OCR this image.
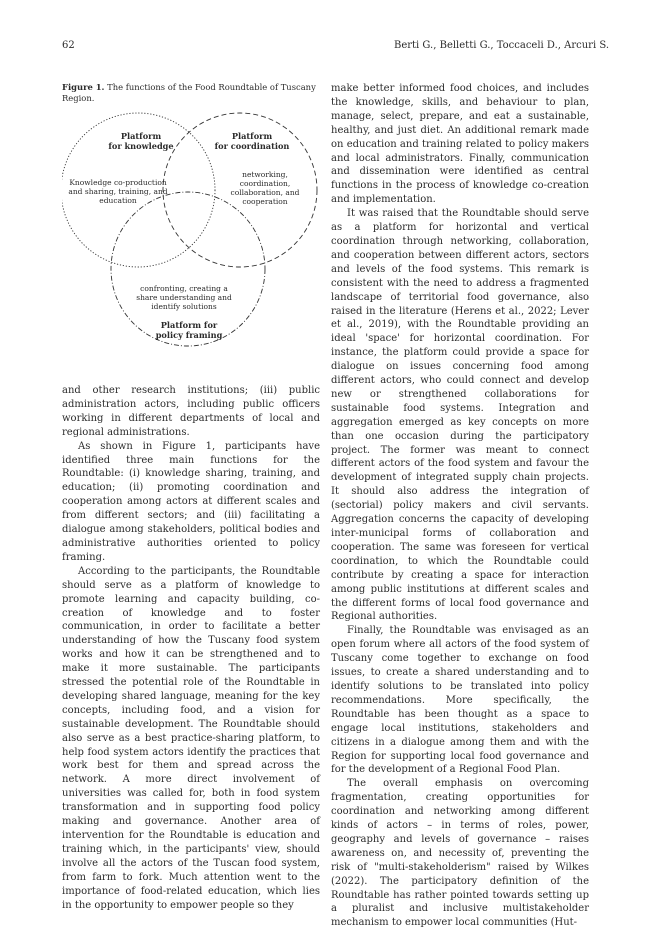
62	Berti G., Belletti G., Toccaceli D., Arcuri S.

Figure 1. The functions of the Food Roundtable of Tuscany Region.

Platform
for knowledge
Knowledge co-production
and sharing, training, and
education
Platform
for coordination
networking,
coordination,
collaboration, and
cooperation
confronting, creating a
share understanding and
identify solutions
Platform for
policy framing

and other research institutions; (iii) public administration actors, including public officers working in different departments of local and regional administrations.

As shown in Figure 1, participants have identified three main functions for the Roundtable: (i) knowledge sharing, training, and education; (ii) promoting coordination and cooperation among actors at different scales and from different sectors; and (iii) facilitating a dialogue among stakeholders, political bodies and administrative authorities oriented to policy framing.

According to the participants, the Roundtable should serve as a platform of knowledge to promote learning and capacity building, co-creation of knowledge and to foster communication, in order to facilitate a better understanding of how the Tuscany food system works and how it can be strengthened and to make it more sustainable. The participants stressed the potential role of the Roundtable in developing shared language, meaning for the key concepts, including food, and a vision for sustainable development. The Roundtable should also serve as a best practice-sharing platform, to help food system actors identify the practices that work best for them and spread across the network. A more direct involvement of universities was called for, both in food system transformation and in supporting food policy making and governance. Another area of intervention for the Roundtable is education and training which, in the participants' view, should involve all the actors of the Tuscan food system, from farm to fork. Much attention went to the importance of food-related education, which lies in the opportunity to empower people so they

make better informed food choices, and includes the knowledge, skills, and behaviour to plan, manage, select, prepare, and eat a sustainable, healthy, and just diet. An additional remark made on education and training related to policy makers and local administrators. Finally, communication and dissemination were identified as central functions in the process of knowledge co-creation and implementation.

It was raised that the Roundtable should serve as a platform for horizontal and vertical coordination through networking, collaboration, and cooperation between different actors, sectors and levels of the food systems. This remark is consistent with the need to address a fragmented landscape of territorial food governance, also raised in the literature (Herens et al., 2022; Lever et al., 2019), with the Roundtable providing an ideal 'space' for horizontal coordination. For instance, the platform could provide a space for dialogue on issues concerning food among different actors, who could connect and develop new or strengthened collaborations for sustainable food systems. Integration and aggregation emerged as key concepts on more than one occasion during the participatory project. The former was meant to connect different actors of the food system and favour the development of integrated supply chain projects. It should also address the integration of (sectorial) policy makers and civil servants. Aggregation concerns the capacity of developing inter-municipal forms of collaboration and cooperation. The same was foreseen for vertical coordination, to which the Roundtable could contribute by creating a space for interaction among public institutions at different scales and the different forms of local food governance and Regional authorities.

Finally, the Roundtable was envisaged as an open forum where all actors of the food system of Tuscany come together to exchange on food issues, to create a shared understanding and to identify solutions to be translated into policy recommendations. More specifically, the Roundtable has been thought as a space to engage local institutions, stakeholders and citizens in a dialogue among them and with the Region for supporting local food governance and for the development of a Regional Food Plan.

The overall emphasis on overcoming fragmentation, creating opportunities for coordination and networking among different kinds of actors – in terms of roles, power, geography and levels of governance – raises awareness on, and necessity of, preventing the risk of "multi-stakeholderism" raised by Wilkes (2022). The participatory definition of the Roundtable has rather pointed towards setting up a pluralist and inclusive multistakeholder mechanism to empower local communities (Hut-
